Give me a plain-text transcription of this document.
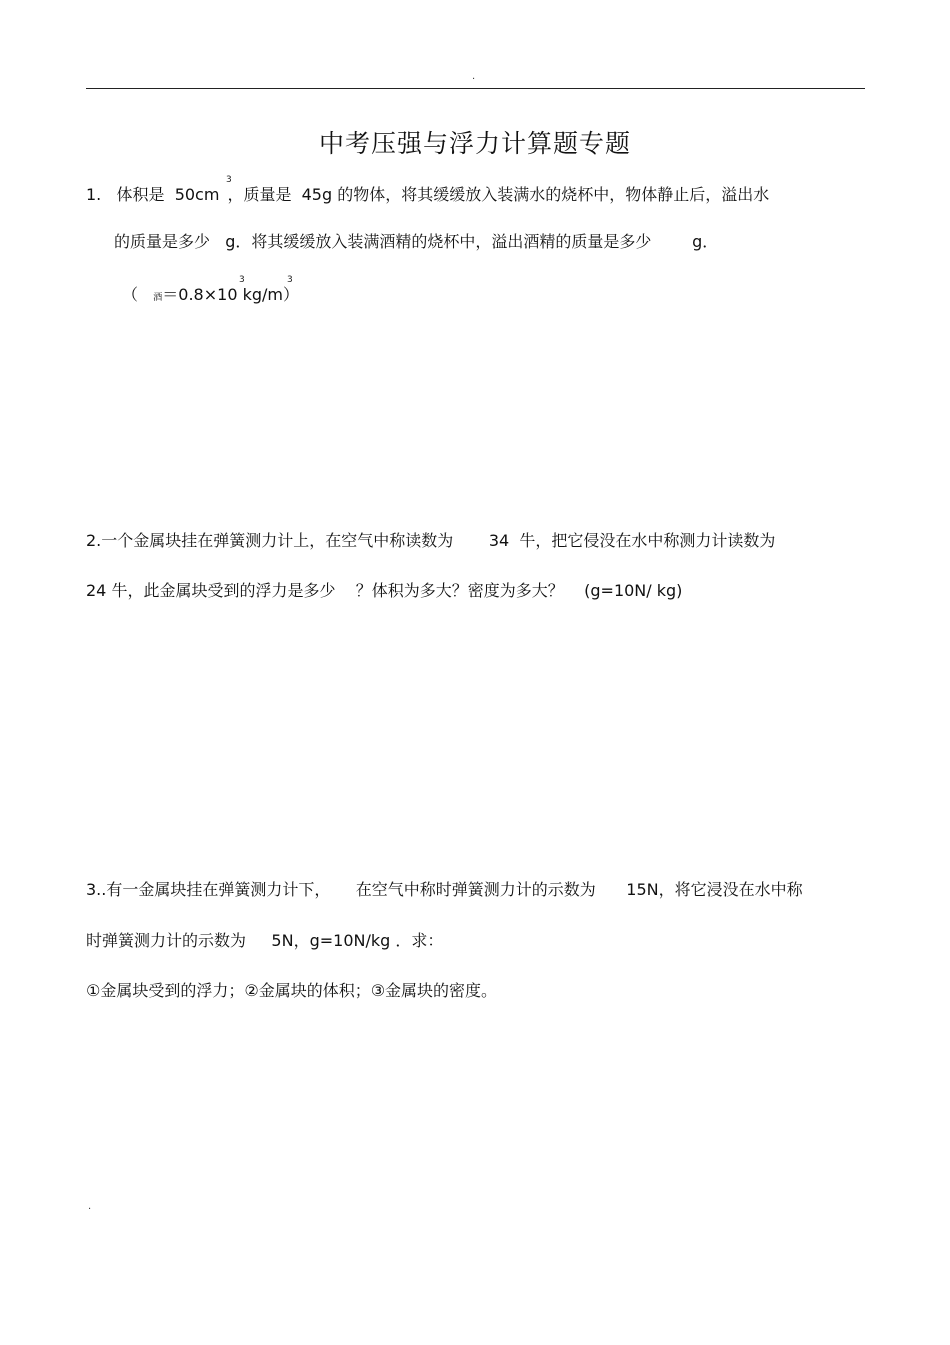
.
中考压强与浮力计算题专题
1.   体积是  50cm ，质量是  45g 的物体，将其缓缓放入装满水的烧杯中，物体静止后，溢出水
3
的质量是多少   g．将其缓缓放入装满酒精的烧杯中，溢出酒精的质量是多少        g．
（   酒＝0.8×10 kg/m）
3	3
2.一个金属块挂在弹簧测力计上，在空气中称读数为       34  牛，把它侵没在水中称测力计读数为
24 牛，此金属块受到的浮力是多少    ？体积为多大？密度为多大？    (g=10N/ kg)
3..有一金属块挂在弹簧测力计下，     在空气中称时弹簧测力计的示数为      15N，将它浸没在水中称
时弹簧测力计的示数为     5N，g=10N/kg ．求：
①金属块受到的浮力；②金属块的体积；③金属块的密度。
.
